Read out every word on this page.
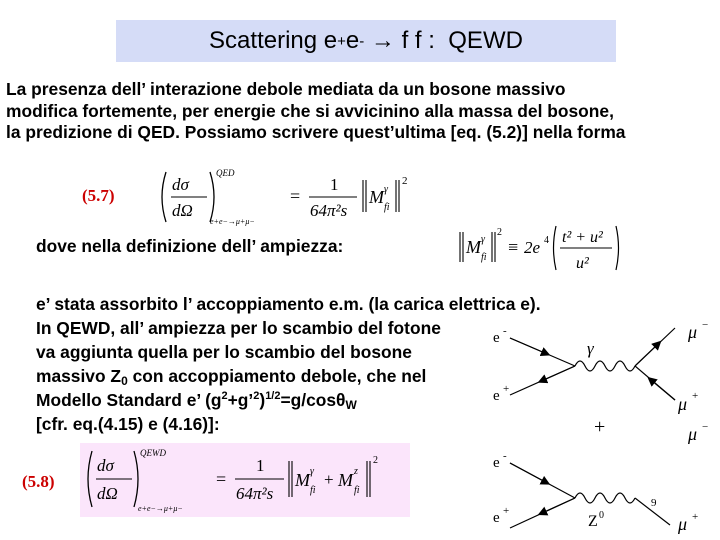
Scattering e + e -
→ f f :  QEWD
La presenza dell’ interazione debole mediata da un bosone massivo
modifica fortemente, per energie che si avvicinino alla massa del bosone,
la predizione di QED. Possiamo scrivere quest’ultima [eq. (5.2)] nella forma
(5.7)
dσ
dΩ
QED
e+e−→μ+μ−
=
1
64π²s
M γ
fi
2
dove nella definizione dell’ ampiezza:	M γ
fi
2
≡ 2e 4 t² + u²
u²
e’ stata assorbito l’ accoppiamento e.m. (la carica elettrica e).
In QEWD, all’ ampiezza per lo scambio del fotone
va aggiunta quella per lo scambio del bosone
massivo $Z_0$ con accoppiamento debole, che nel
Modello Standard e’ $(g^2+g’^2)^{1/2}=g/\cos\theta_W$
[cfr. eq.(4.15) e (4.16)]:
(5.8)
dσ
dΩ
QEWD
e+e−→μ+μ−
=
1
64π²s
M γ
fi
+ M z
fi
2
e -
e +
γ
μ −
μ +
+	μ −
e -
e +
Z 0
9
μ +
